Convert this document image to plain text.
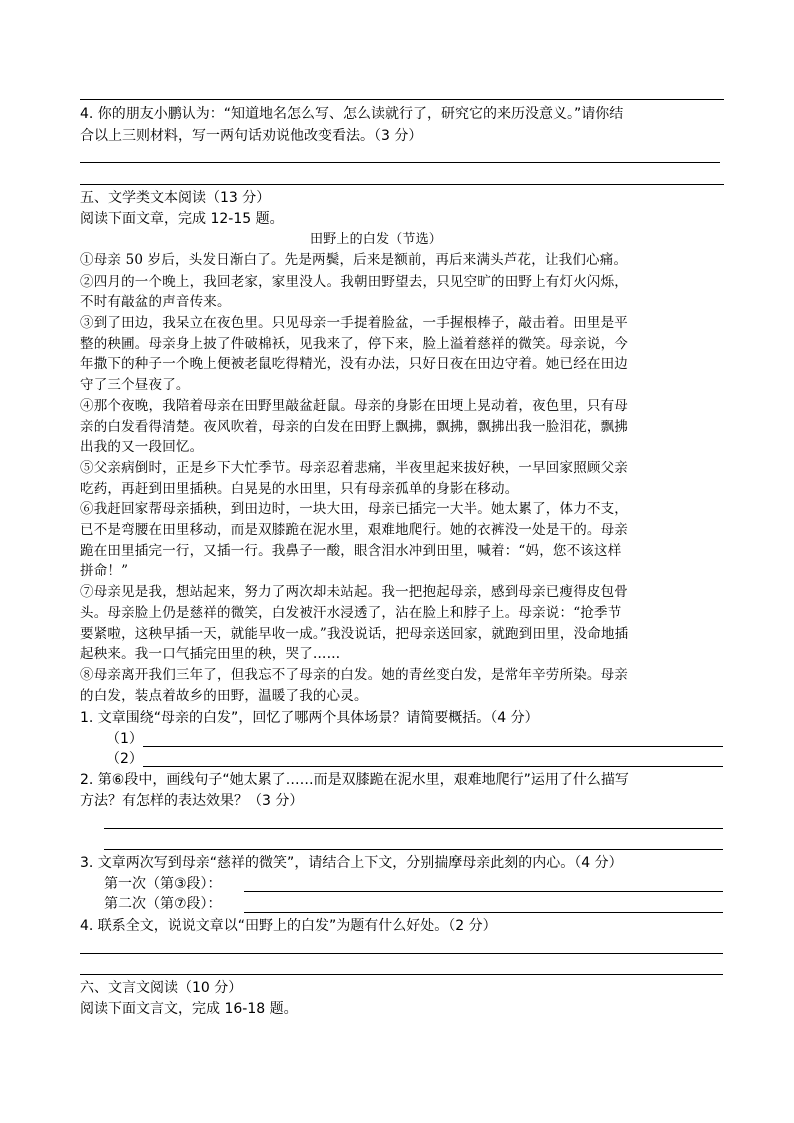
4. 你的朋友小鹏认为：“知道地名怎么写、怎么读就行了，研究它的来历没意义。”请你结
合以上三则材料，写一两句话劝说他改变看法。（3 分）
五、文学类文本阅读（13 分）
阅读下面文章，完成 12-15 题。
田野上的白发（节选）
①母亲 50 岁后，头发日渐白了。先是两鬓，后来是额前，再后来满头芦花，让我们心痛。
②四月的一个晚上，我回老家，家里没人。我朝田野望去，只见空旷的田野上有灯火闪烁，
不时有敲盆的声音传来。
③到了田边，我呆立在夜色里。只见母亲一手提着脸盆，一手握根棒子，敲击着。田里是平
整的秧圃。母亲身上披了件破棉袄，见我来了，停下来，脸上溢着慈祥的微笑。母亲说，今
年撒下的种子一个晚上便被老鼠吃得精光，没有办法，只好日夜在田边守着。她已经在田边
守了三个昼夜了。
④那个夜晚，我陪着母亲在田野里敲盆赶鼠。母亲的身影在田埂上晃动着，夜色里，只有母
亲的白发看得清楚。夜风吹着，母亲的白发在田野上飘拂，飘拂，飘拂出我一脸泪花，飘拂
出我的又一段回忆。
⑤父亲病倒时，正是乡下大忙季节。母亲忍着悲痛，半夜里起来拔好秧，一早回家照顾父亲
吃药，再赶到田里插秧。白晃晃的水田里，只有母亲孤单的身影在移动。
⑥我赶回家帮母亲插秧，到田边时，一块大田，母亲已插完一大半。她太累了，体力不支，
已不是弯腰在田里移动，而是双膝跪在泥水里，艰难地爬行。她的衣裤没一处是干的。母亲
跪在田里插完一行，又插一行。我鼻子一酸，眼含泪水冲到田里，喊着：“妈，您不该这样
拼命！”
⑦母亲见是我，想站起来，努力了两次却未站起。我一把抱起母亲，感到母亲已瘦得皮包骨
头。母亲脸上仍是慈祥的微笑，白发被汗水浸透了，沾在脸上和脖子上。母亲说：“抢季节
要紧啦，这秧早插一天，就能早收一成。”我没说话，把母亲送回家，就跑到田里，没命地插
起秧来。我一口气插完田里的秧，哭了……
⑧母亲离开我们三年了，但我忘不了母亲的白发。她的青丝变白发，是常年辛劳所染。母亲
的白发，装点着故乡的田野，温暖了我的心灵。
1. 文章围绕“母亲的白发”，回忆了哪两个具体场景？请简要概括。（4 分）
（1）
（2）
2. 第⑥段中，画线句子“她太累了……而是双膝跪在泥水里，艰难地爬行”运用了什么描写
方法？有怎样的表达效果？（3 分）
3. 文章两次写到母亲“慈祥的微笑”，请结合上下文，分别揣摩母亲此刻的内心。（4 分）
第一次（第③段）：
第二次（第⑦段）：
4. 联系全文，说说文章以“田野上的白发”为题有什么好处。（2 分）
六、文言文阅读（10 分）
阅读下面文言文，完成 16-18 题。
